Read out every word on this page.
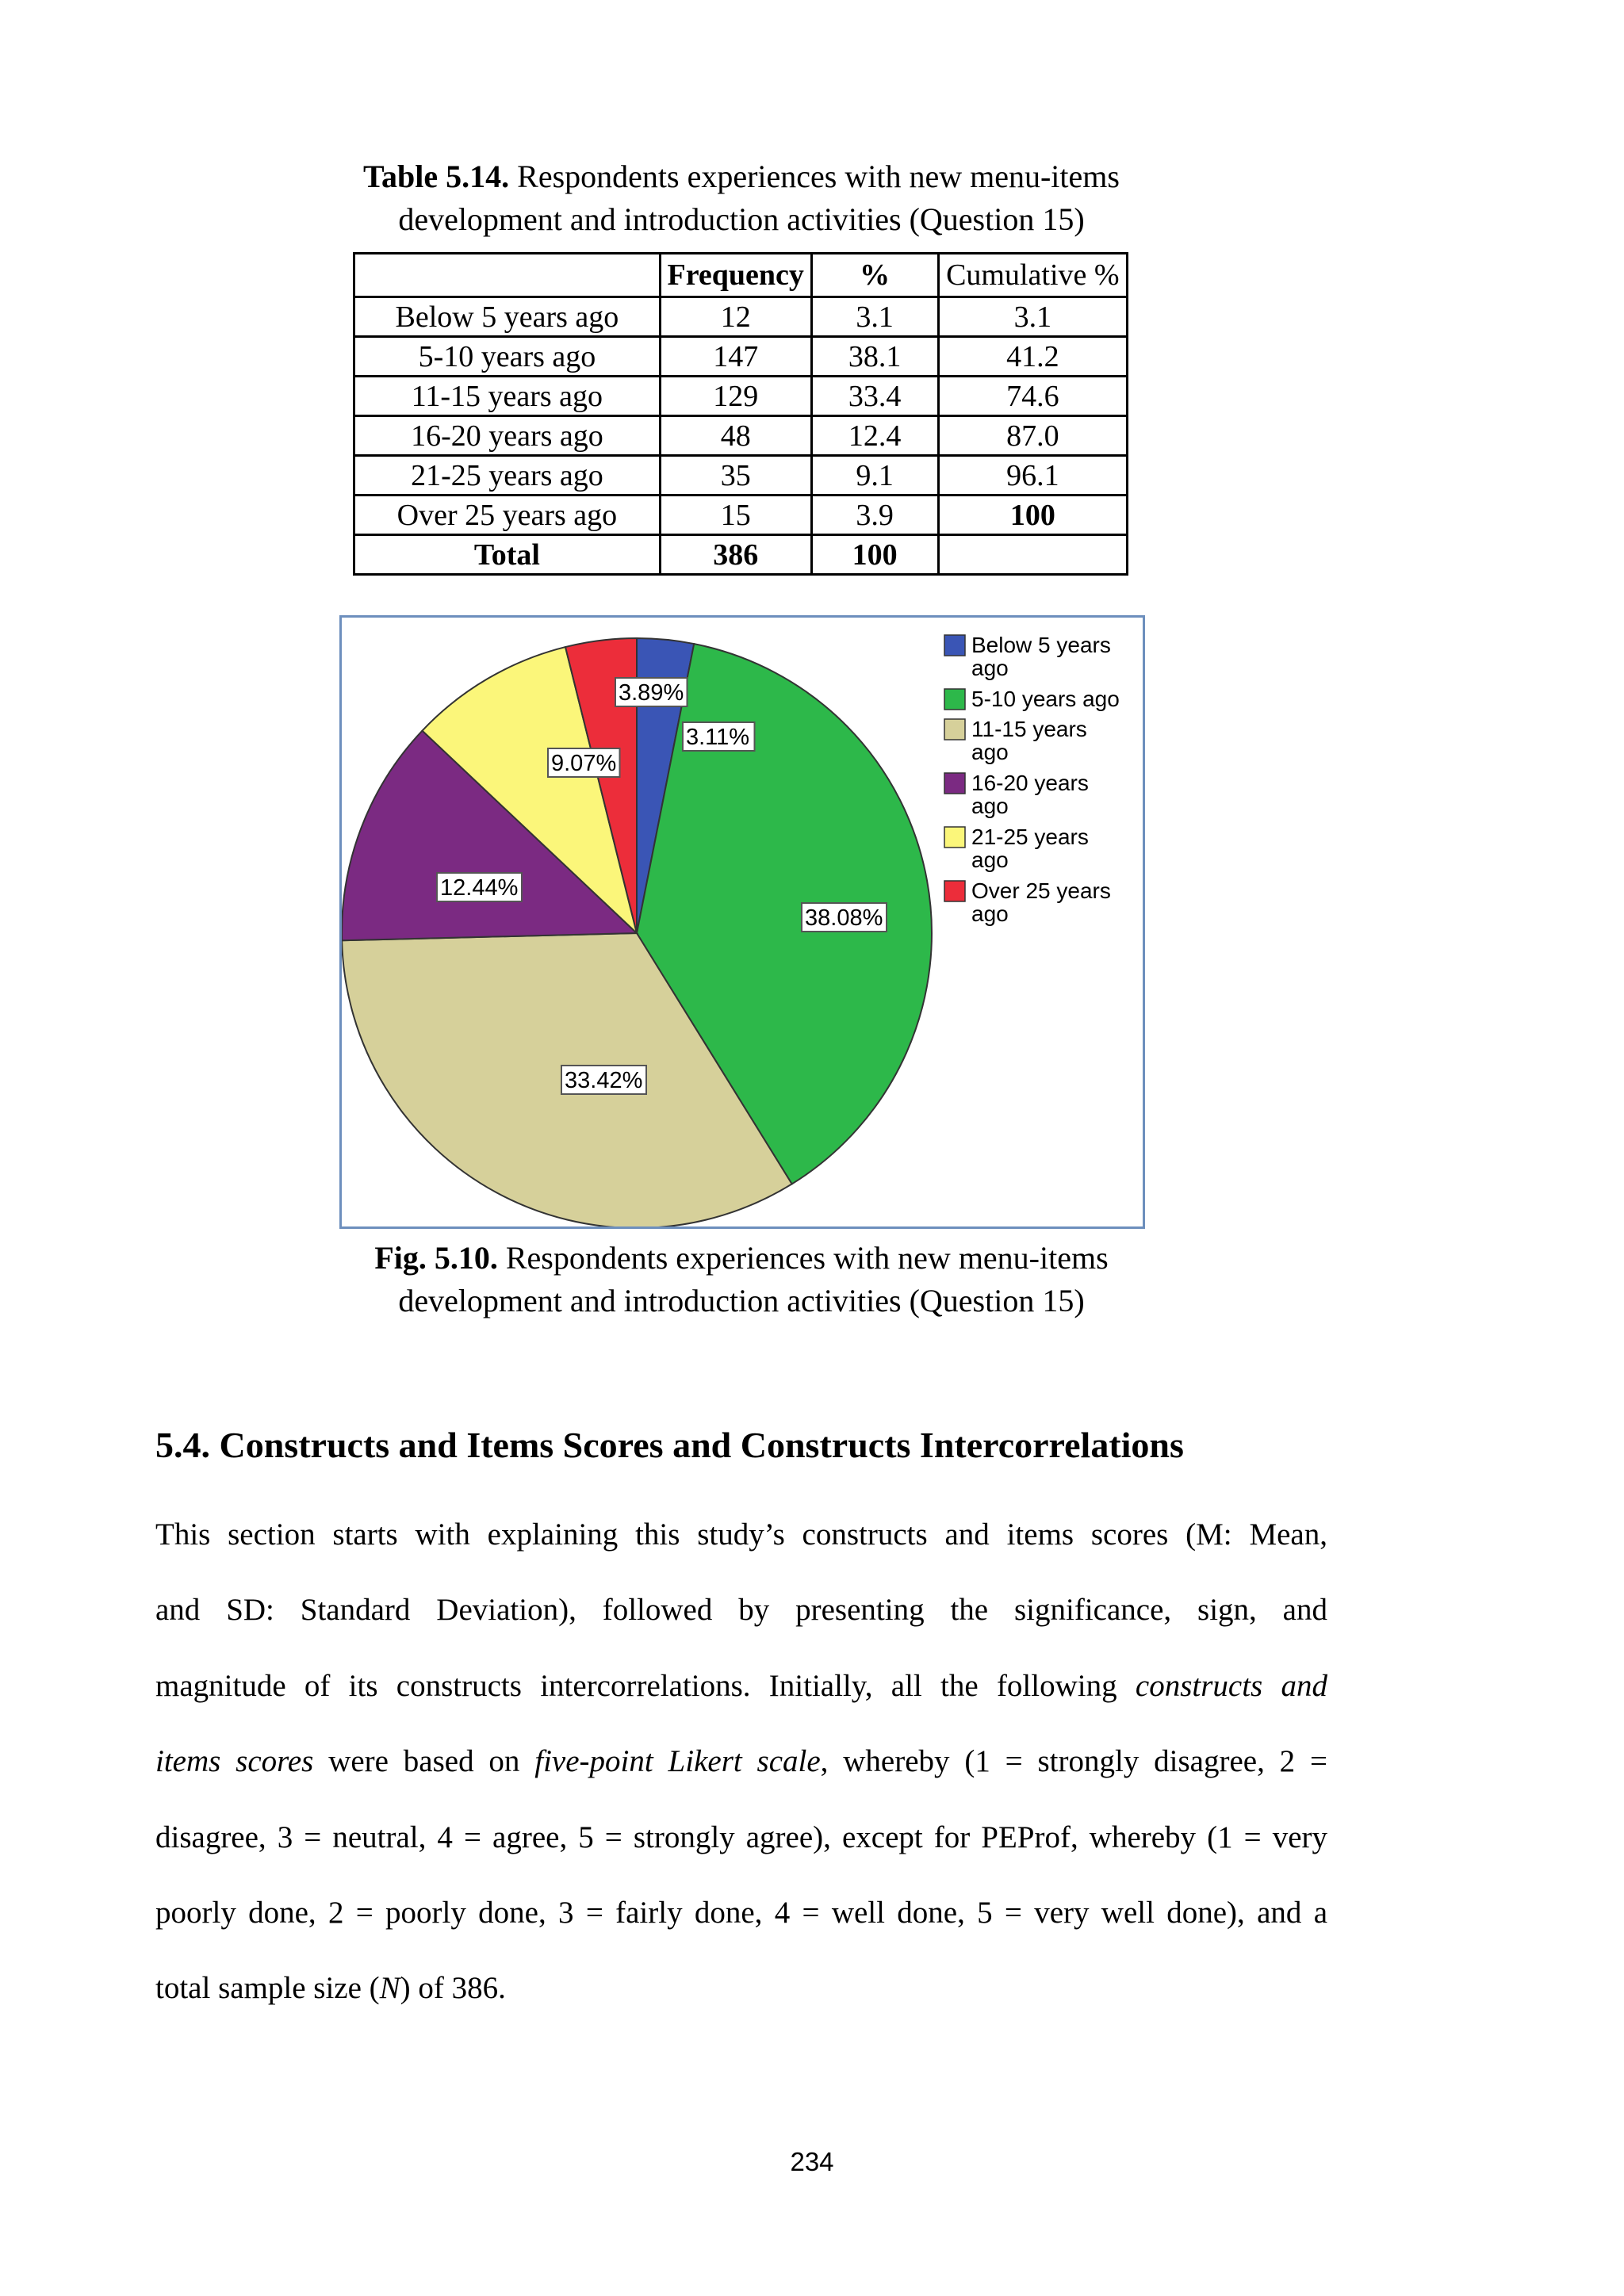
Table 5.14. Respondents experiences with new menu-items
development and introduction activities (Question 15)
	Frequency	%	Cumulative %
Below 5 years ago	12	3.1	3.1
5-10 years ago	147	38.1	41.2
11-15 years ago	129	33.4	74.6
16-20 years ago	48	12.4	87.0
21-25 years ago	35	9.1	96.1
Over 25 years ago	15	3.9	100
Total	386	100	
3.11%
38.08%
33.42%
12.44%
9.07%
3.89%
Below 5 years ago
5-10 years ago
11-15 years ago
16-20 years ago
21-25 years ago
Over 25 years ago
Fig. 5.10. Respondents experiences with new menu-items
development and introduction activities (Question 15)
5.4. Constructs and Items Scores and Constructs Intercorrelations
This section starts with explaining this study’s constructs and items scores (M: Mean,
and SD: Standard Deviation), followed by presenting the significance, sign, and
magnitude of its constructs intercorrelations. Initially, all the following constructs and
items scores were based on five-point Likert scale, whereby (1 = strongly disagree, 2 =
disagree, 3 = neutral, 4 = agree, 5 = strongly agree), except for PEProf, whereby (1 = very
poorly done, 2 = poorly done, 3 = fairly done, 4 = well done, 5 = very well done), and a
total sample size (N) of 386.
234
